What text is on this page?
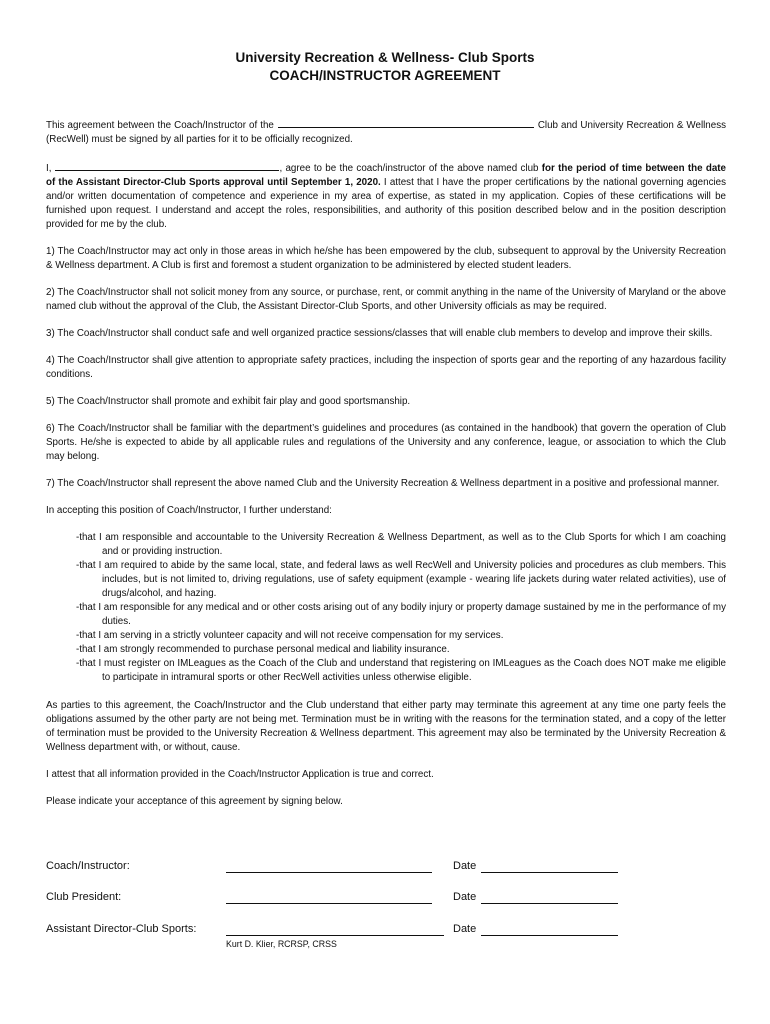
University Recreation & Wellness- Club Sports
COACH/INSTRUCTOR AGREEMENT

This agreement between the Coach/Instructor of the	Club and University Recreation & Wellness (RecWell) must be signed by all parties for it to be officially recognized.

I,	, agree to be the coach/instructor of the above named club for the period of time between the date of the Assistant Director-Club Sports approval until September 1, 2020. I attest that I have the proper certifications by the national governing agencies and/or written documentation of competence and experience in my area of expertise, as stated in my application. Copies of these certifications will be furnished upon request. I understand and accept the roles, responsibilities, and authority of this position described below and in the position description provided for me by the club.

1) The Coach/Instructor may act only in those areas in which he/she has been empowered by the club, subsequent to approval by the University Recreation & Wellness department. A Club is first and foremost a student organization to be administered by elected student leaders.

2) The Coach/Instructor shall not solicit money from any source, or purchase, rent, or commit anything in the name of the University of Maryland or the above named club without the approval of the Club, the Assistant Director-Club Sports, and other University officials as may be required.

3) The Coach/Instructor shall conduct safe and well organized practice sessions/classes that will enable club members to develop and improve their skills.

4) The Coach/Instructor shall give attention to appropriate safety practices, including the inspection of sports gear and the reporting of any hazardous facility conditions.

5) The Coach/Instructor shall promote and exhibit fair play and good sportsmanship.

6) The Coach/Instructor shall be familiar with the department’s guidelines and procedures (as contained in the handbook) that govern the operation of Club Sports. He/she is expected to abide by all applicable rules and regulations of the University and any conference, league, or association to which the Club may belong.

7) The Coach/Instructor shall represent the above named Club and the University Recreation & Wellness department in a positive and professional manner.

In accepting this position of Coach/Instructor, I further understand:

-that I am responsible and accountable to the University Recreation & Wellness Department, as well as to the Club Sports for which I am coaching and or providing instruction.
-that I am required to abide by the same local, state, and federal laws as well RecWell and University policies and procedures as club members. This includes, but is not limited to, driving regulations, use of safety equipment (example - wearing life jackets during water related activities), use of drugs/alcohol, and hazing.
-that I am responsible for any medical and or other costs arising out of any bodily injury or property damage sustained by me in the performance of my duties.
-that I am serving in a strictly volunteer capacity and will not receive compensation for my services.
-that I am strongly recommended to purchase personal medical and liability insurance.
-that I must register on IMLeagues as the Coach of the Club and understand that registering on IMLeagues as the Coach does NOT make me eligible to participate in intramural sports or other RecWell activities unless otherwise eligible.

As parties to this agreement, the Coach/Instructor and the Club understand that either party may terminate this agreement at any time one party feels the obligations assumed by the other party are not being met. Termination must be in writing with the reasons for the termination stated, and a copy of the letter of termination must be provided to the University Recreation & Wellness department. This agreement may also be terminated by the University Recreation & Wellness department with, or without, cause.

I attest that all information provided in the Coach/Instructor Application is true and correct.

Please indicate your acceptance of this agreement by signing below.

Coach/Instructor:	Date
Club President:	Date
Assistant Director-Club Sports:	Date
Kurt D. Klier, RCRSP, CRSS
